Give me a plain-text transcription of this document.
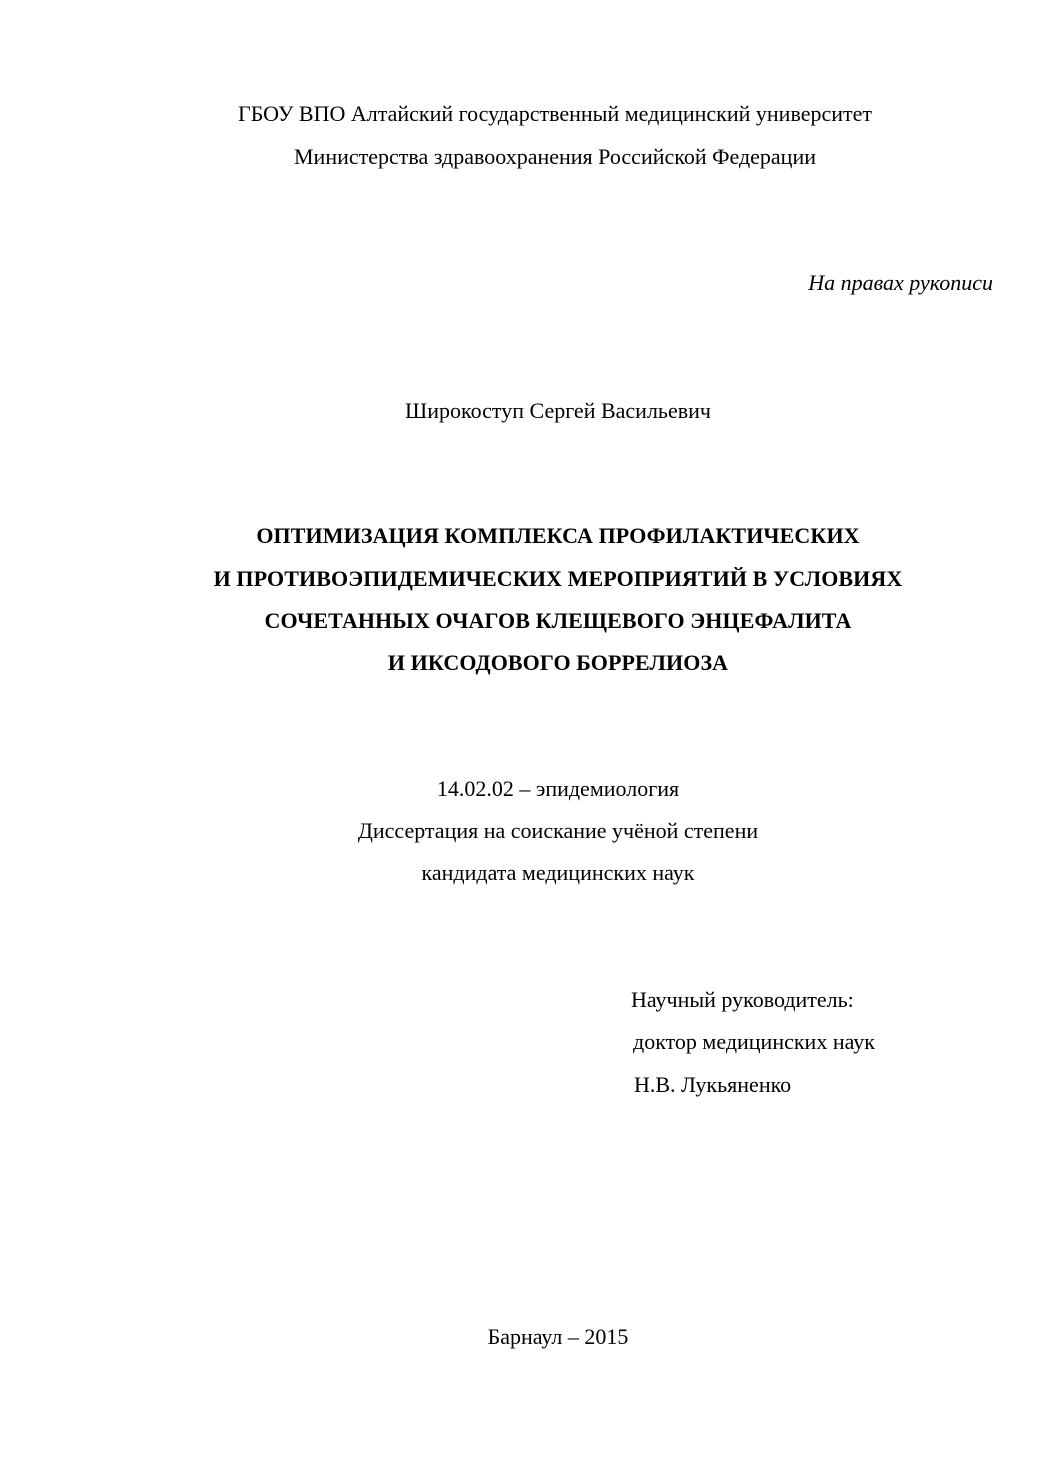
ГБОУ ВПО Алтайский государственный медицинский университет
Министерства здравоохранения Российской Федерации
На правах рукописи
Широкоступ Сергей Васильевич
ОПТИМИЗАЦИЯ КОМПЛЕКСА ПРОФИЛАКТИЧЕСКИХ
И ПРОТИВОЭПИДЕМИЧЕСКИХ МЕРОПРИЯТИЙ В УСЛОВИЯХ
СОЧЕТАННЫХ ОЧАГОВ КЛЕЩЕВОГО ЭНЦЕФАЛИТА
И ИКСОДОВОГО БОРРЕЛИОЗА
14.02.02 – эпидемиология
Диссертация на соискание учёной степени
кандидата медицинских наук
Научный руководитель:
доктор медицинских наук
Н.В. Лукьяненко
Барнаул – 2015
